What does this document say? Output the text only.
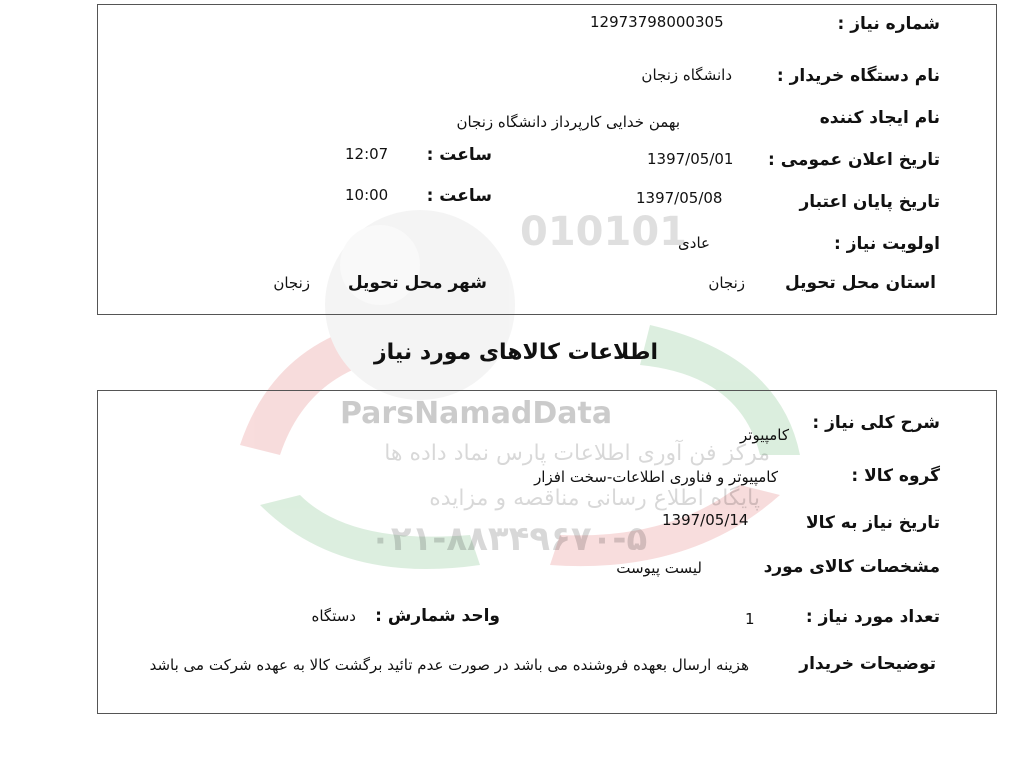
010101
ParsNamadData
مرکز فن آوری اطلاعات پارس نماد داده ها
پایگاه اطلاع رسانی مناقصه و مزایده
۰۲۱-۸۸۳۴۹۶۷۰-۵
شماره نیاز :
12973798000305
نام دستگاه خریدار :
دانشگاه زنجان
نام ایجاد کننده
بهمن خدایی کارپرداز دانشگاه زنجان
تاریخ اعلان عمومی :
1397/05/01
ساعت :
12:07
تاریخ پایان اعتبار
1397/05/08
ساعت :
10:00
اولویت نیاز :
عادی
استان محل تحویل
زنجان
شهر محل تحویل
زنجان
اطلاعات کالاهای مورد نیاز
شرح کلی نیاز :
کامپیوتر
گروه کالا :
کامپیوتر و فناوری اطلاعات-سخت افزار
تاریخ نیاز به کالا
1397/05/14
مشخصات کالای مورد
لیست پیوست
تعداد مورد نیاز :
1
واحد شمارش :
دستگاه
توضیحات خریدار
هزینه ارسال بعهده فروشنده می باشد در صورت عدم تائید برگشت کالا به عهده شرکت می باشد
